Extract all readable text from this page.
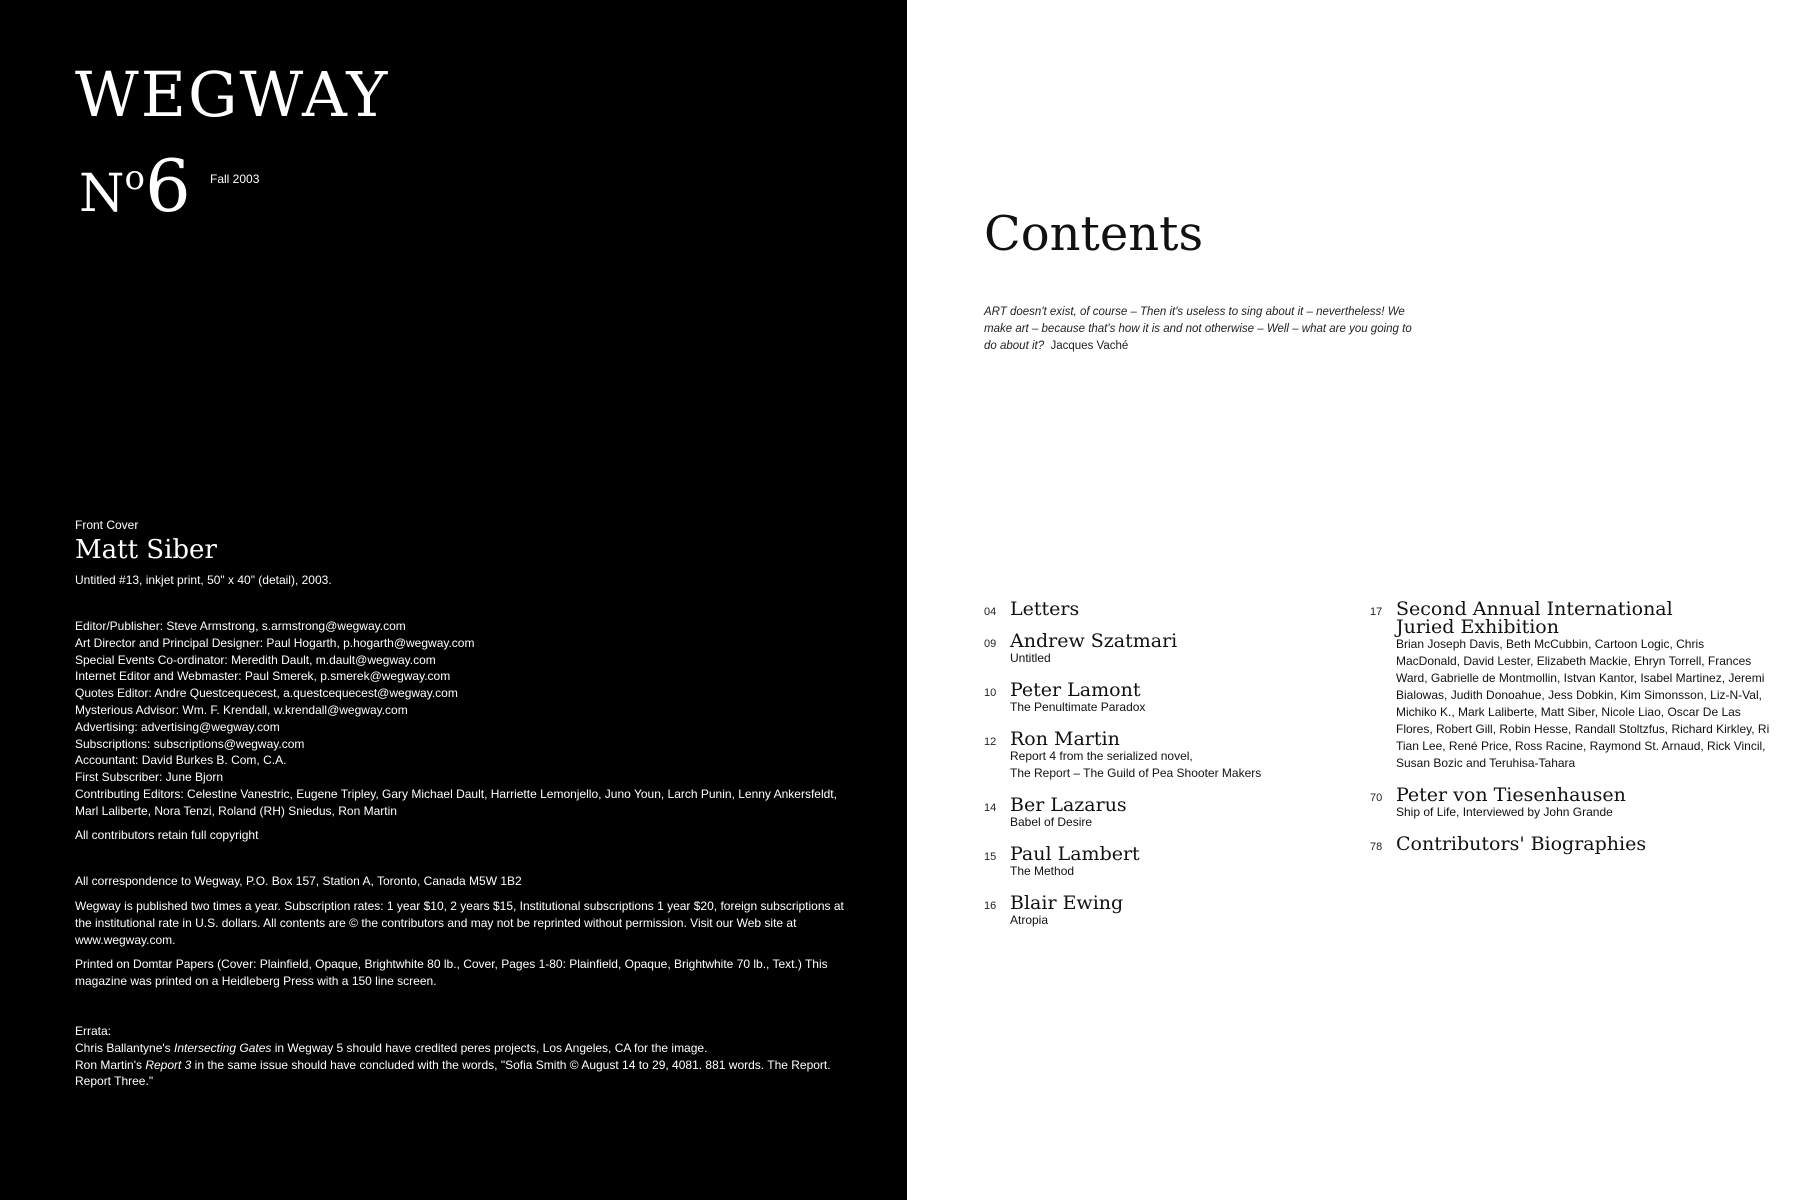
WEGWAY
No6 Fall 2003
Front Cover
Matt Siber
Untitled #13, inkjet print, 50" x 40" (detail), 2003.
Editor/Publisher: Steve Armstrong, s.armstrong@wegway.com
Art Director and Principal Designer: Paul Hogarth, p.hogarth@wegway.com
Special Events Co-ordinator: Meredith Dault, m.dault@wegway.com
Internet Editor and Webmaster: Paul Smerek, p.smerek@wegway.com
Quotes Editor: Andre Questcequecest, a.questcequecest@wegway.com
Mysterious Advisor: Wm. F. Krendall, w.krendall@wegway.com
Advertising: advertising@wegway.com
Subscriptions: subscriptions@wegway.com
Accountant: David Burkes B. Com, C.A.
First Subscriber: June Bjorn
Contributing Editors: Celestine Vanestric, Eugene Tripley, Gary Michael Dault, Harriette Lemonjello, Juno Youn, Larch Punin, Lenny Ankersfeldt, Marl Laliberte, Nora Tenzi, Roland (RH) Sniedus, Ron Martin
All contributors retain full copyright
All correspondence to Wegway, P.O. Box 157, Station A, Toronto, Canada M5W 1B2
Wegway is published two times a year. Subscription rates: 1 year $10, 2 years $15, Institutional subscriptions 1 year $20, foreign subscriptions at the institutional rate in U.S. dollars. All contents are © the contributors and may not be reprinted without permission. Visit our Web site at www.wegway.com.
Printed on Domtar Papers (Cover: Plainfield, Opaque, Brightwhite 80 lb., Cover, Pages 1-80: Plainfield, Opaque, Brightwhite 70 lb., Text.) This magazine was printed on a Heidleberg Press with a 150 line screen.
Errata:
Chris Ballantyne's Intersecting Gates in Wegway 5 should have credited peres projects, Los Angeles, CA for the image.
Ron Martin's Report 3 in the same issue should have concluded with the words, "Sofia Smith © August 14 to 29, 4081. 881 words. The Report. Report Three."
Contents
ART doesn't exist, of course – Then it's useless to sing about it – nevertheless! We make art – because that's how it is and not otherwise – Well – what are you going to do about it? Jacques Vaché
04 Letters
09 Andrew Szatmari
Untitled
10 Peter Lamont
The Penultimate Paradox
12 Ron Martin
Report 4 from the serialized novel,
The Report – The Guild of Pea Shooter Makers
14 Ber Lazarus
Babel of Desire
15 Paul Lambert
The Method
16 Blair Ewing
Atropia
17 Second Annual International Juried Exhibition
Brian Joseph Davis, Beth McCubbin, Cartoon Logic, Chris MacDonald, David Lester, Elizabeth Mackie, Ehryn Torrell, Frances Ward, Gabrielle de Montmollin, Istvan Kantor, Isabel Martinez, Jeremi Bialowas, Judith Donoahue, Jess Dobkin, Kim Simonsson, Liz-N-Val, Michiko K., Mark Laliberte, Matt Siber, Nicole Liao, Oscar De Las Flores, Robert Gill, Robin Hesse, Randall Stoltzfus, Richard Kirkley, Ri Tian Lee, René Price, Ross Racine, Raymond St. Arnaud, Rick Vincil, Susan Bozic and Teruhisa-Tahara
70 Peter von Tiesenhausen
Ship of Life, Interviewed by John Grande
78 Contributors' Biographies
